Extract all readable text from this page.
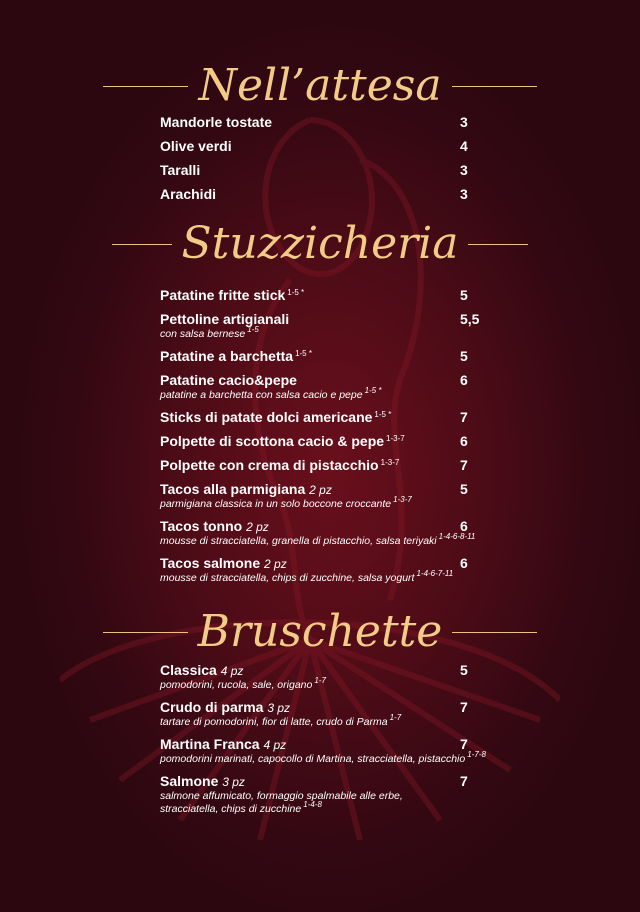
Nell’attesa
Mandorle tostate	3
Olive verdi	4
Taralli	3
Arachidi	3
Stuzzicheria
Patatine fritte stick $^{1-5 *}$	5
Pettoline artigianali	5,5
con salsa bernese $^{1-5}$
Patatine a barchetta $^{1-5 *}$	5
Patatine cacio&pepe	6
patatine a barchetta con salsa cacio e pepe $^{1-5 *}$
Sticks di patate dolci americane $^{1-5 *}$	7
Polpette di scottona cacio & pepe $^{1-3-7}$	6
Polpette con crema di pistacchio $^{1-3-7}$	7
Tacos alla parmigiana 2 pz	5
parmigiana classica in un solo boccone croccante $^{1-3-7}$
Tacos tonno 2 pz	6
mousse di stracciatella, granella di pistacchio, salsa teriyaki $^{1-4-6-8-11}$
Tacos salmone 2 pz	6
mousse di stracciatella, chips di zucchine, salsa yogurt $^{1-4-6-7-11}$
Bruschette
Classica 4 pz	5
pomodorini, rucola, sale, origano $^{1-7}$
Crudo di parma 3 pz	7
tartare di pomodorini, fior di latte, crudo di Parma $^{1-7}$
Martina Franca 4 pz	7
pomodorini marinati, capocollo di Martina, stracciatella, pistacchio $^{1-7-8}$
Salmone 3 pz	7
salmone affumicato, formaggio spalmabile alle erbe,
stracciatella, chips di zucchine $^{1-4-8}$
